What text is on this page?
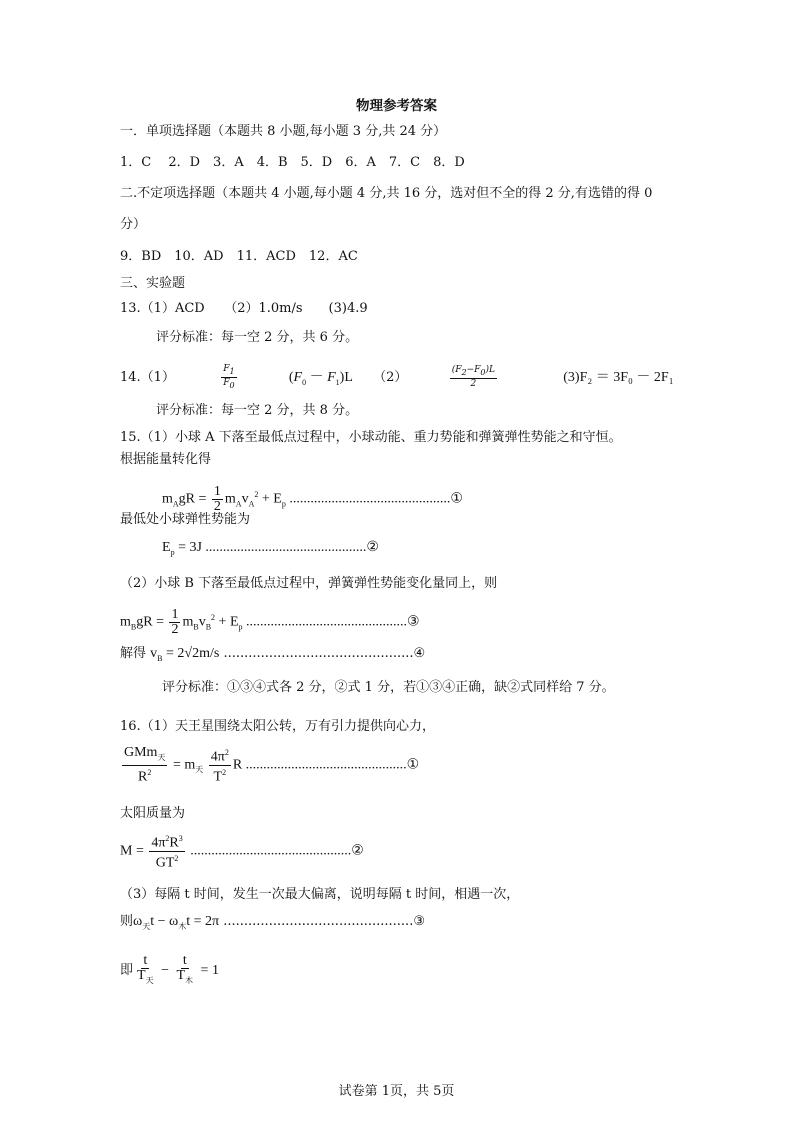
物理参考答案
一．单项选择题（本题共 8 小题,每小题 3 分,共 24 分）
1．C　 2．D　3．A　4．B　5．D　6．A　7．C　8．D
二.不定项选择题（本题共 4 小题,每小题 4 分,共 16 分，选对但不全的得 2 分,有选错的得 0
分）
9．BD　10．AD　11．ACD　12．AC
三、实验题
13.（1）ACD　　（2）1.0m/s　　(3)4.9
评分标准：每一空 2 分，共 6 分。
14.（1）	$\frac{F_1}{F_0}$	$(F_0 - F_1)L$ （2）	$\frac{(F_2-F_0)L}{2}$	(3)F₂ ＝ 3F₀ － 2F₁
评分标准：每一空 2 分，共 8 分。
15.（1）小球 A 下落至最低点过程中，小球动能、重力势能和弹簧弹性势能之和守恒。
根据能量转化得
$m_AgR = \frac{1}{2} m_Av_A^2 + E_p$ ..............................................①
最低处小球弹性势能为
$E_p = 3J$ ..............................................②
（2）小球 B 下落至最低点过程中，弹簧弹性势能变化量同上，则
$m_BgR = \frac{1}{2} m_Bv_B^2 + E_p$ ..............................................③
解得 $v_B = 2√2m/s$ ..............................................④
评分标准：①③④式各 2 分，②式 1 分，若①③④正确，缺②式同样给 7 分。
16.（1）天王星围绕太阳公转，万有引力提供向心力，
$\frac{GMm_天}{R^2} = m_天 \frac{4\pi^2}{T^2}$ R ..............................................①
太阳质量为
$M = \frac{4\pi^2R^3}{GT^2}$ ..............................................②
（3）每隔 t 时间，发生一次最大偏离，说明每隔 t 时间，相遇一次，
则$\omega_天t - \omega_木t = 2\pi$ ..............................................③
即 $\frac{t}{T_天} - \frac{t}{T_木} = 1$
试卷第 1页，共 5页
